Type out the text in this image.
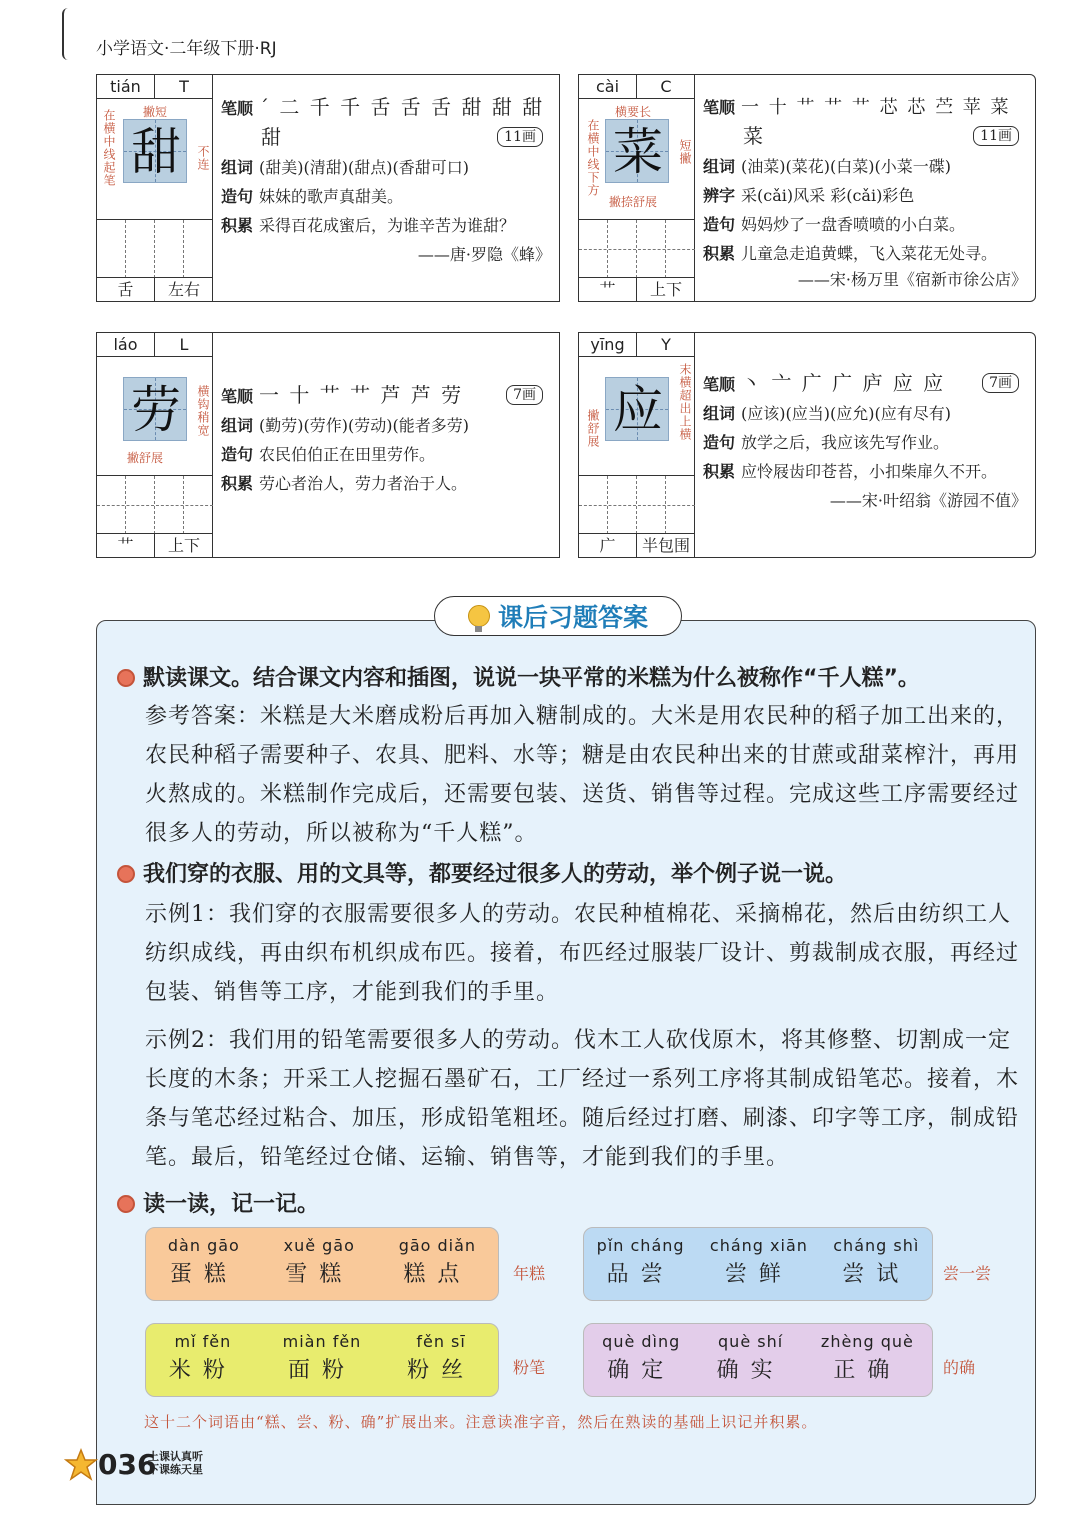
小学语文·二年级下册·RJ
tián	T
撇短
在横中线起笔	不连
甜
舌	左右
笔顺 ˊ 二 千 千 舌 舌 舌 甜 甜 甜
甜	11画
组词 (甜美)(清甜)(甜点)(香甜可口)
造句 妹妹的歌声真甜美。
积累 采得百花成蜜后，为谁辛苦为谁甜？
——唐·罗隐《蜂》
cài	C
横要长
在横中线下方	短撇
菜
撇捺舒展
艹	上下
笔顺 一 十 艹 艹 艹 芯 芯 苎 苹 菜
菜	11画
组词 (油菜)(菜花)(白菜)(小菜一碟)
辨字 采(cǎi)风采 彩(cǎi)彩色
造句 妈妈炒了一盘香喷喷的小白菜。
积累 儿童急走追黄蝶，飞入菜花无处寻。
——宋·杨万里《宿新市徐公店》
láo	L
横钩稍宽
劳
撇舒展
艹	上下
笔顺 一 十 艹 艹 芦 芦 劳	7画
组词 (勤劳)(劳作)(劳动)(能者多劳)
造句 农民伯伯正在田里劳作。
积累 劳心者治人，劳力者治于人。
yīng	Y
末横超出上横
撇舒展 应
广	半包围
笔顺 丶 亠 广 广 庐 应 应	7画
组词 (应该)(应当)(应允)(应有尽有)
造句 放学之后，我应该先写作业。
积累 应怜屐齿印苍苔，小扣柴扉久不开。
——宋·叶绍翁《游园不值》
课后习题答案
默读课文。结合课文内容和插图，说说一块平常的米糕为什么被称作“千人糕”。
参考答案：米糕是大米磨成粉后再加入糖制成的。大米是用农民种的稻子加工出来的，农民种稻子需要种子、农具、肥料、水等；糖是由农民种出来的甘蔗或甜菜榨汁，再用火熬成的。米糕制作完成后，还需要包装、送货、销售等过程。完成这些工序需要经过很多人的劳动，所以被称为“千人糕”。
我们穿的衣服、用的文具等，都要经过很多人的劳动，举个例子说一说。
示例1：我们穿的衣服需要很多人的劳动。农民种植棉花、采摘棉花，然后由纺织工人纺织成线，再由织布机织成布匹。接着，布匹经过服装厂设计、剪裁制成衣服，再经过包装、销售等工序，才能到我们的手里。
示例2：我们用的铅笔需要很多人的劳动。伐木工人砍伐原木，将其修整、切割成一定长度的木条；开采工人挖掘石墨矿石，工厂经过一系列工序将其制成铅笔芯。接着，木条与笔芯经过粘合、加压，形成铅笔粗坯。随后经过打磨、刷漆、印字等工序，制成铅笔。最后，铅笔经过仓储、运输、销售等，才能到我们的手里。
读一读，记一记。
dàn gāo
蛋糕
xuě gāo
雪糕
gāo diǎn
糕点	年糕
pǐn cháng
品尝
cháng xiān
尝鲜
cháng shì
尝试	尝一尝
mǐ fěn
米粉
miàn fěn
面粉
fěn sī
粉丝 粉笔
què dìng
确定
què shí
确实
zhèng què
正确	的确
这十二个词语由“糕、尝、粉、确”扩展出来。注意读准字音，然后在熟读的基础上识记并积累。
036
上课认真听
下课练天星
